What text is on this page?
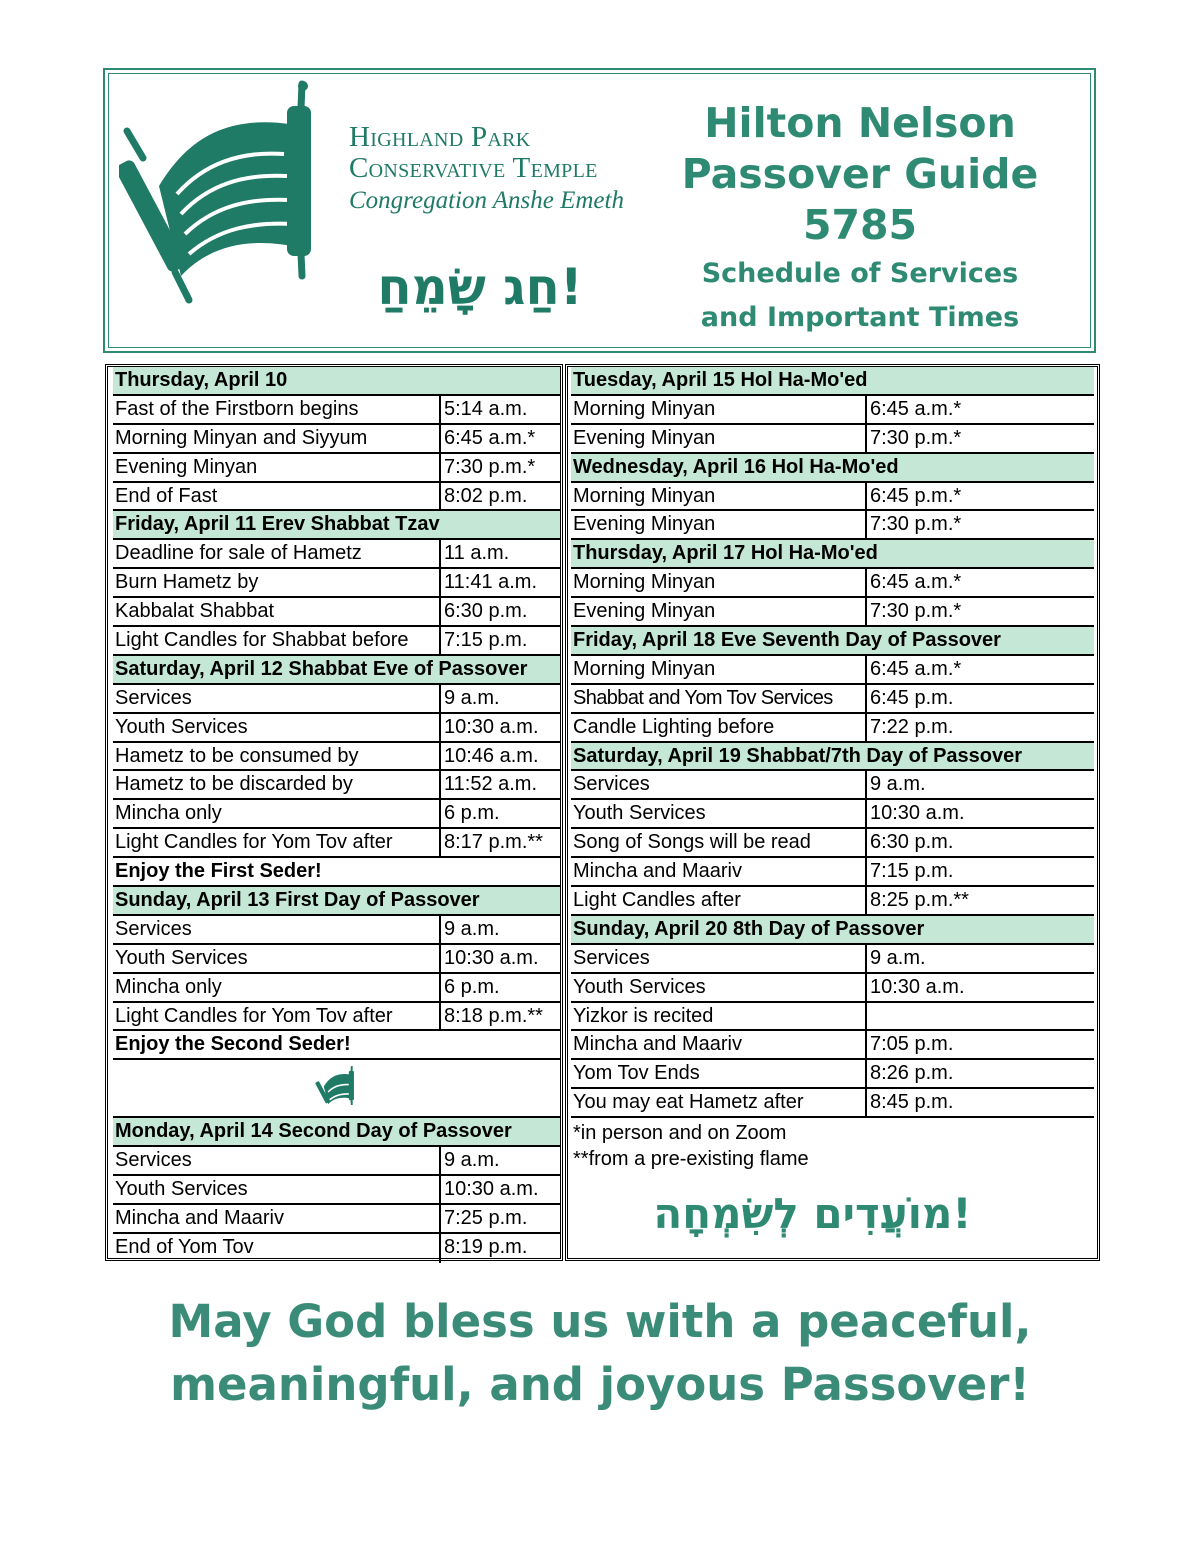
Highland Park
Conservative Temple
Congregation Anshe Emeth
!חַג שָׂמֵחַ
Hilton Nelson
Passover Guide
5785
Schedule of Services
and Important Times
Thursday, April 10
Fast of the Firstborn begins	5:14 a.m.
Morning Minyan and Siyyum	6:45 a.m.*
Evening Minyan	7:30 p.m.*
End of Fast	8:02 p.m.
Friday, April 11 Erev Shabbat Tzav
Deadline for sale of Hametz	11 a.m.
Burn Hametz by	11:41 a.m.
Kabbalat Shabbat	6:30 p.m.
Light Candles for Shabbat before	7:15 p.m.
Saturday, April 12 Shabbat Eve of Passover
Services	9 a.m.
Youth Services	10:30 a.m.
Hametz to be consumed by	10:46 a.m.
Hametz to be discarded by	11:52 a.m.
Mincha only	6 p.m.
Light Candles for Yom Tov after	8:17 p.m.**
Enjoy the First Seder!
Sunday, April 13 First Day of Passover
Services	9 a.m.
Youth Services	10:30 a.m.
Mincha only	6 p.m.
Light Candles for Yom Tov after	8:18 p.m.**
Enjoy the Second Seder!
Monday, April 14 Second Day of Passover
Services	9 a.m.
Youth Services	10:30 a.m.
Mincha and Maariv	7:25 p.m.
End of Yom Tov	8:19 p.m.
Tuesday, April 15 Hol Ha-Mo'ed
Morning Minyan	6:45 a.m.*
Evening Minyan	7:30 p.m.*
Wednesday, April 16 Hol Ha-Mo'ed
Morning Minyan	6:45 p.m.*
Evening Minyan	7:30 p.m.*
Thursday, April 17 Hol Ha-Mo'ed
Morning Minyan	6:45 a.m.*
Evening Minyan	7:30 p.m.*
Friday, April 18 Eve Seventh Day of Passover
Morning Minyan	6:45 a.m.*
Shabbat and Yom Tov Services	6:45 p.m.
Candle Lighting before	7:22 p.m.
Saturday, April 19 Shabbat/7th Day of Passover
Services	9 a.m.
Youth Services	10:30 a.m.
Song of Songs will be read	6:30 p.m.
Mincha and Maariv	7:15 p.m.
Light Candles after	8:25 p.m.**
Sunday, April 20 8th Day of Passover
Services	9 a.m.
Youth Services	10:30 a.m.
Yizkor is recited
Mincha and Maariv	7:05 p.m.
Yom Tov Ends	8:26 p.m.
You may eat Hametz after	8:45 p.m.
*in person and on Zoom
**from a pre-existing flame
!מוֹעֲדִים לְשִׂמְחָה
May God bless us with a peaceful,
meaningful, and joyous Passover!
